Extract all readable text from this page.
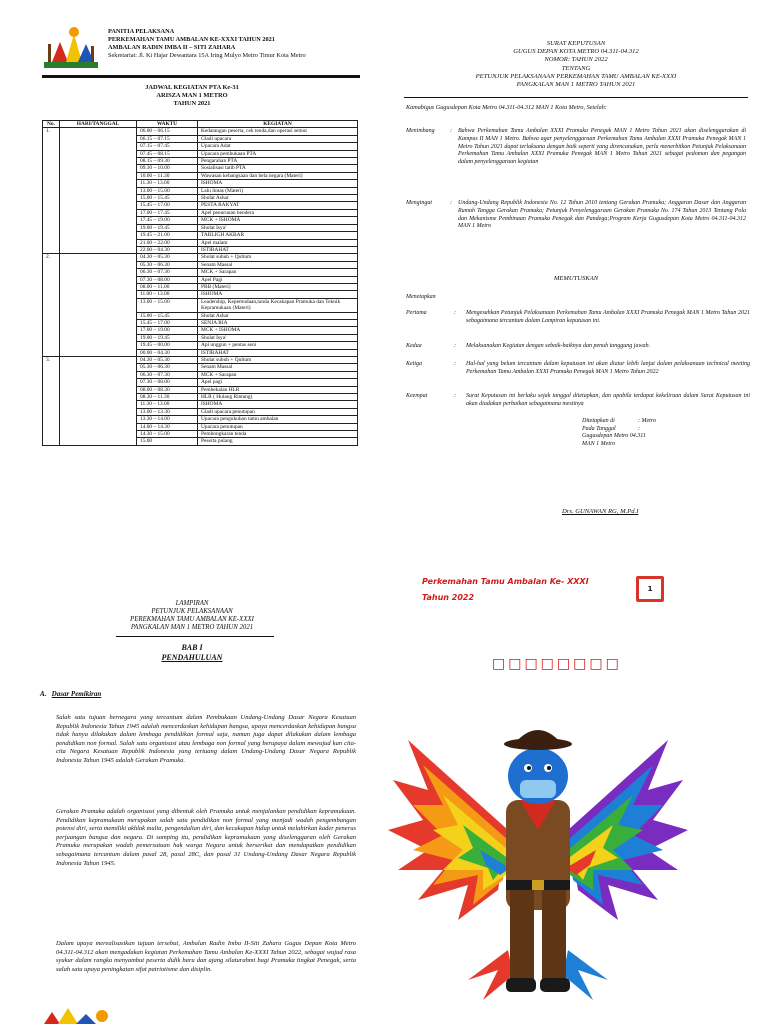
PANITIA PELAKSANA
PERKEMAHAN TAMU AMBALAN KE-XXXI TAHUN 2021
AMBALAN RADIN IMBA II – SITI ZAHARA
Sekretariat: Jl. Ki Hajar Dewantara 15A Iring Mulyo Metro Timur Kota Metro
JADWAL KEGIATAN PTA Ke-31
ARISZA MAN 1 METRO
TAHUN 2021
No.	HARI/TANGGAL	WAKTU	KEGIATAN
1.		06.00 – 06.15	Kedatangan peserta, cek tenda,dan operasi semut
		06.15 – 07.15	Gladi upacara
		07.15 – 07.45	Upacara Adat
		07.45 – 08.15	Upacara pembukaan PTA
		08.15 – 09.30	Pengarahan PTA
		09.30 – 10.00	Sosialisasi tatib PTA
		10.00 – 11.30	Wawasan kebangsaan dan bela negara (Materi)
		11.30 – 13.00	ISHOMA
		13.00 – 15.00	Lalu lintas (Materi)
		15.00 – 15.45	Sholat Ashar
		15.45 – 17.00	PESTA RAKYAT
		17.00 – 17.45	Apel penurunan bendera
		17.45 – 19.00	MCK + ISHOMA
		19.00 – 19.45	Sholat Isya'
		19.45 – 21.00	TABLIGH AKBAR
		21.00 – 22.00	Apel malam
		22.00 – 04.30	ISTIRAHAT
2.		04.30 – 05.30	Sholat subuh + Qultum
		05.30 – 06.30	Senam Massal
		06.30 – 07.30	MCK + Sarapan
		07.30 – 08.00	Apel Pagi
		08.00 – 11.00	PBB (Materi)
		11.00 – 13.00	ISHOMA
		13.00 – 15.00	Leadership, Kepemudaan,tanda Kecakapan Pramuka dan Teknik Kepramukaan (Materi)
		15.00 – 15.45	Sholat Ashar
		15.45 – 17.00	SENJA RIA
		17.00 – 19.00	MCK + ISHOMA
		19.00 – 19.45	Sholat Isya'
		19.45 – 00.00	Api unggun + pentas seni
		00.00 – 04.30	ISTIRAHAT
3.		04.30 – 05.30	Sholat subuh + Qultum
		05.30 – 06.30	Senam Massal
		06.30 – 07.30	MCK + Sarapan
		07.30 – 08.00	Apel pagi
		08.00 – 08.30	Pembekalan HLR
		08.30 – 11.30	HLR ( Hulang Rintang)
		11.30 – 13.00	ISHOMA
		13.00 – 13.30	Gladi upacara penutupan
		13.30 – 14.00	Upacara pengukuhan tamu ambalan
		14.00 – 14.30	Upacara penutupan
		14.30 – 15.00	Pembongkaran tenda
		15.00	Peserta pulang
SURAT KEPUTUSAN
GUGUS DEPAN KOTA METRO 04.311-04.312
NOMOR: TAHUN 2022
TENTANG
PETUNJUK PELAKSANAAN PERKEMAHAN TAMU AMBALAN KE-XXXI
PANGKALAN MAN 1 METRO TAHUN 2021
Kamabigus Gugusdepan Kota Metro 04.311-04.312 MAN 1 Kota Metro, Setelah:
Menimbang	:	Bahwa Perkemahan Tamu Ambalan XXXI Pramuka Penegak MAN 1 Metro Tahun 2021 akan diselenggarakan di Kampus II MAN 1 Metro. Bahwa agar penyelenggaraan Perkemahan Tamu Ambalan XXXI Pramuka Penegak MAN 1 Metro Tahun 2021 dapat terlaksana dengan baik seperti yang direncanakan, perlu menerbitkan Petunjuk Pelaksanaan Perkemahan Tamu Ambalan XXXI Pramuka Penegak MAN 1 Metro Tahun 2021 sebagai pedoman dan pegangan dalam penyelenggaraan kegiatan
Mengingat	:	Undang-Undang Republik Indonesia No. 12 Tahun 2010 tentang Gerakan Pramuka; Anggaran Dasar dan Anggaran Rumah Tangga Gerakan Pramuka; Petunjuk Penyelenggaraan Gerakan Pramuka No. 174 Tahun 2013 Tentang Pola dan Mekanisme Pembinaan Pramuka Penegak dan Pandega;Program Kerja Gugusdepan Kota Metro 04.311-04.312 MAN 1 Metro
MEMUTUSKAN
Menetapkan
Pertama	:	Mengesahkan Petunjuk Pelaksanaan Perkemahan Tamu Ambalan XXXI Pramuka Penegak MAN 1 Metro Tahun 2021 sebagaimana tercantum dalam Lampiran keputusan ini.
Kedua	:	Melaksanakan Kegiatan dengan sebaik-baiknya dan penuh tanggung jawab.
Ketiga	:	Hal-hal yang belum tercantum dalam keputusan ini akan diatur lebih lanjut dalam pelaksanaan technical meeting Perkemahan Tamu Ambalan XXXI Pramuka Penegak MAN 1 Metro Tahun 2022
Keempat	:	Surat Keputusan ini berlaku sejak tanggal ditetapkan, dan apabila terdapat kekeliruan dalam Surat Keputusan ini akan diadakan perbaikan sebagaimana mestinya
Ditetapkan di	: Metro
Pada Tanggal	:
Gugusdepan Metro 04.311
MAN 1 Metro
Drs. GUNAWAN RG, M.Pd.I
LAMPIRAN
PETUNJUK PELAKSANAAN
PEREKMAHAN TAMU AMBALAN KE-XXXI
PANGKALAN MAN 1 METRO TAHUN 2021
BAB I
PENDAHULUAN
A. Dasar Pemikiran

Salah satu tujuan bernegara yang tercantum dalam Pembukaan Undang-Undang Dasar Negara Kesatuan Republik Indonesia Tahun 1945 adalah mencerdaskan kehidupan bangsa, upaya mencerdaskan kehidupan bangsa tidak hanya dilakukan dalam lembaga pendidikan formal saja, namun juga dapat dilakukan dalam lembaga pendidikan non formal. Salah satu organisasi atau lembaga non formal yang berupaya dalam mewujud kan cita-cita Negara Kesatuan Republik Indonesia yang tertuang dalam Undang-Undang Dasar Negara Republik Indonesia Tahun 1945 adalah Gerakan Pramuka.

Gerakan Pramuka adalah organisasi yang dibentuk oleh Pramuka untuk menjalankan pendidikan kepramukaan. Pendidikan kepramukaan merupakan salah satu pendidikan non formal yang menjadi wadah pengembangan potensi diri, serta memiliki akhlak mulia, pengendalian diri, dan kecakapan hidup untuk melahirkan kader penerus perjuangan bangsa dan negara. Di samping itu, pendidikan kepramukaan yang diselenggaran oleh Gerakan Pramuka merupakan wadah pemersatuan hak warga Negara untuk berserikat dan mendapatkan pendidikan sebagaimana tercantum dalam pasal 28, pasal 28C, dan pasal 31 Undang-Undang Dasar Negara Republik Indonesia Tahun 1945.

Dalam upaya merealisasikan tujuan tersebut, Ambalan Radin Imba II-Siti Zahara Gugus Depan Kota Metro 04.311-04.312 akan mengadakan kegiatan Perkemahan Tamu Ambalan Ke-XXXI Tahun 2022, sebagai wujud rasa syukur dalam rangka menyambut peserta didik baru dan ajang silaturahmi bagi Pramuka tingkat Penegak, serta salah satu upaya peningkatan sifat patriotisme dan disiplin.

Perkemahan Tamu Ambalan Ke- XXXI
Tahun 2022
1
□□□□□□□□
